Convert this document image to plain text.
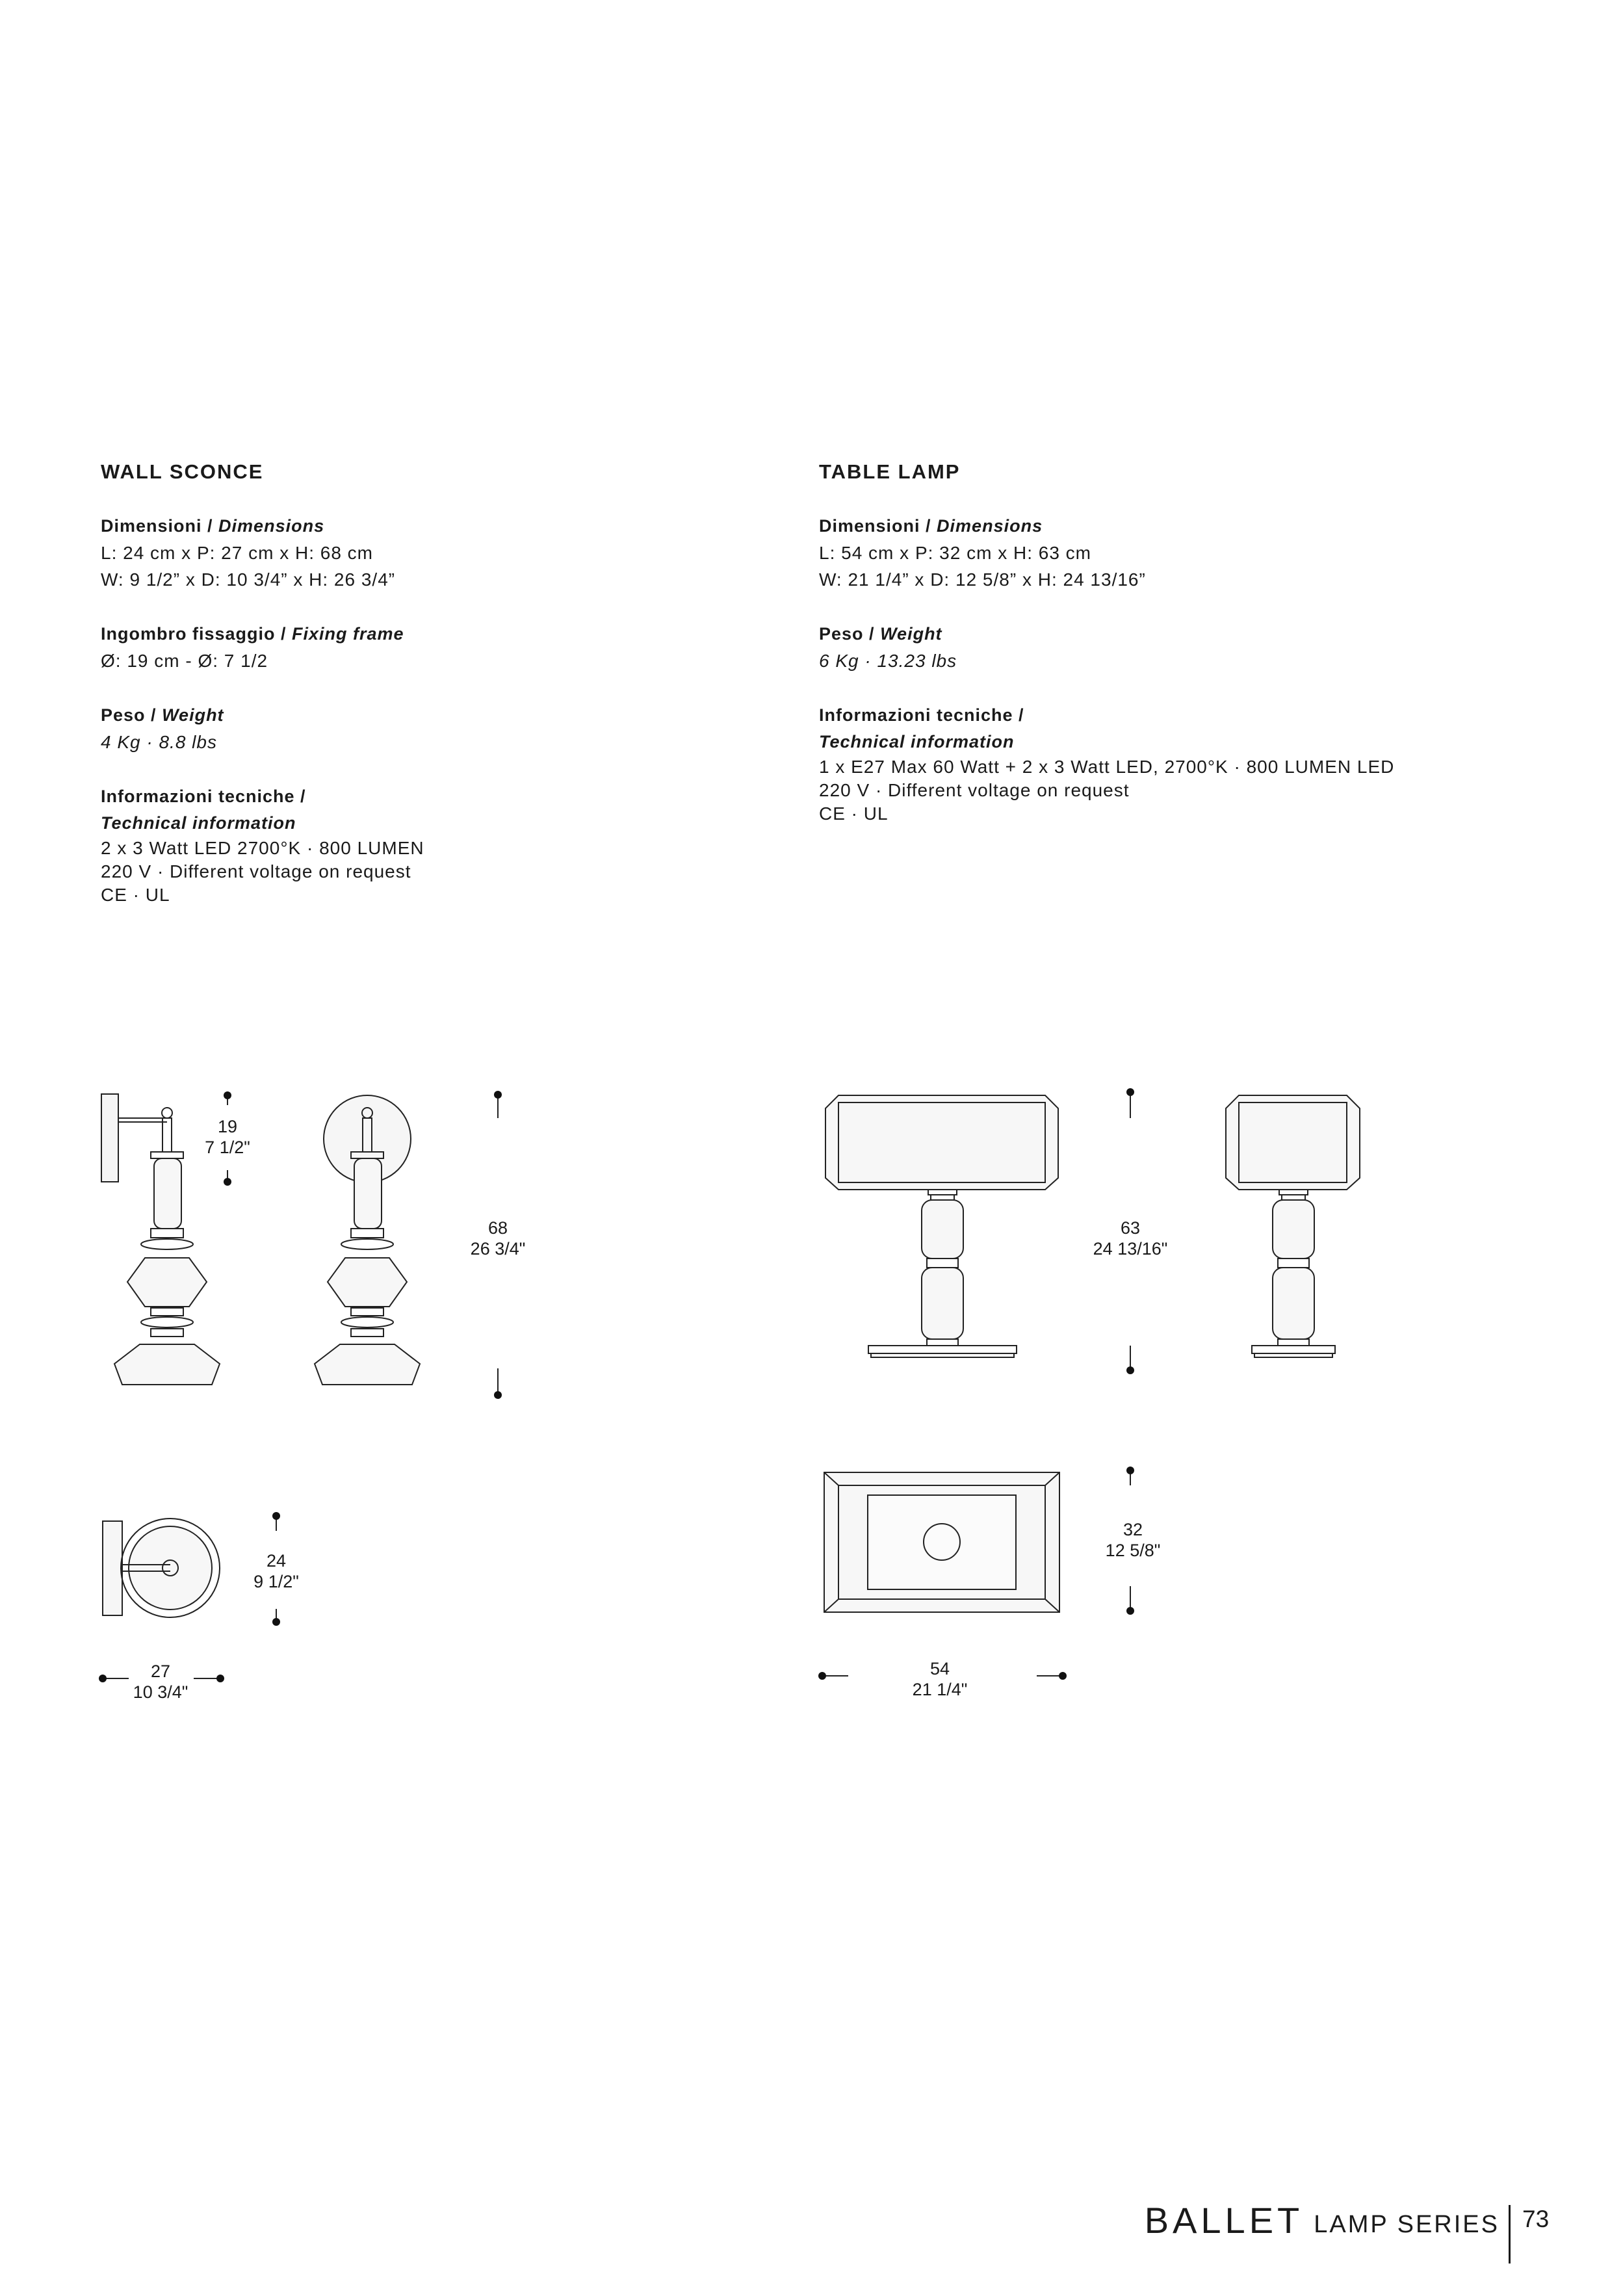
WALL SCONCE
Dimensioni / Dimensions
L: 24 cm x P: 27 cm x H: 68 cm
W: 9 1/2” x D: 10 3/4” x H: 26 3/4”
Ingombro fissaggio / Fixing frame
Ø: 19 cm - Ø: 7 1/2
Peso / Weight
4 Kg · 8.8 lbs
Informazioni tecniche /
Technical information
2 x 3 Watt LED 2700°K · 800 LUMEN
220 V · Different voltage on request
CE · UL
TABLE LAMP
Dimensioni / Dimensions
L: 54 cm x P: 32 cm x H: 63 cm
W: 21 1/4” x D: 12 5/8” x H: 24 13/16”
Peso / Weight
6 Kg · 13.23 lbs
Informazioni tecniche /
Technical information
1 x E27 Max 60 Watt + 2 x 3 Watt LED, 2700°K · 800 LUMEN LED
220 V · Different voltage on request
CE · UL
19
7 1/2"
68
26 3/4"
24
9 1/2"
27
10 3/4"
63
24 13/16"
32
12 5/8"
54
21 1/4"
BALLET LAMP SERIES 73
